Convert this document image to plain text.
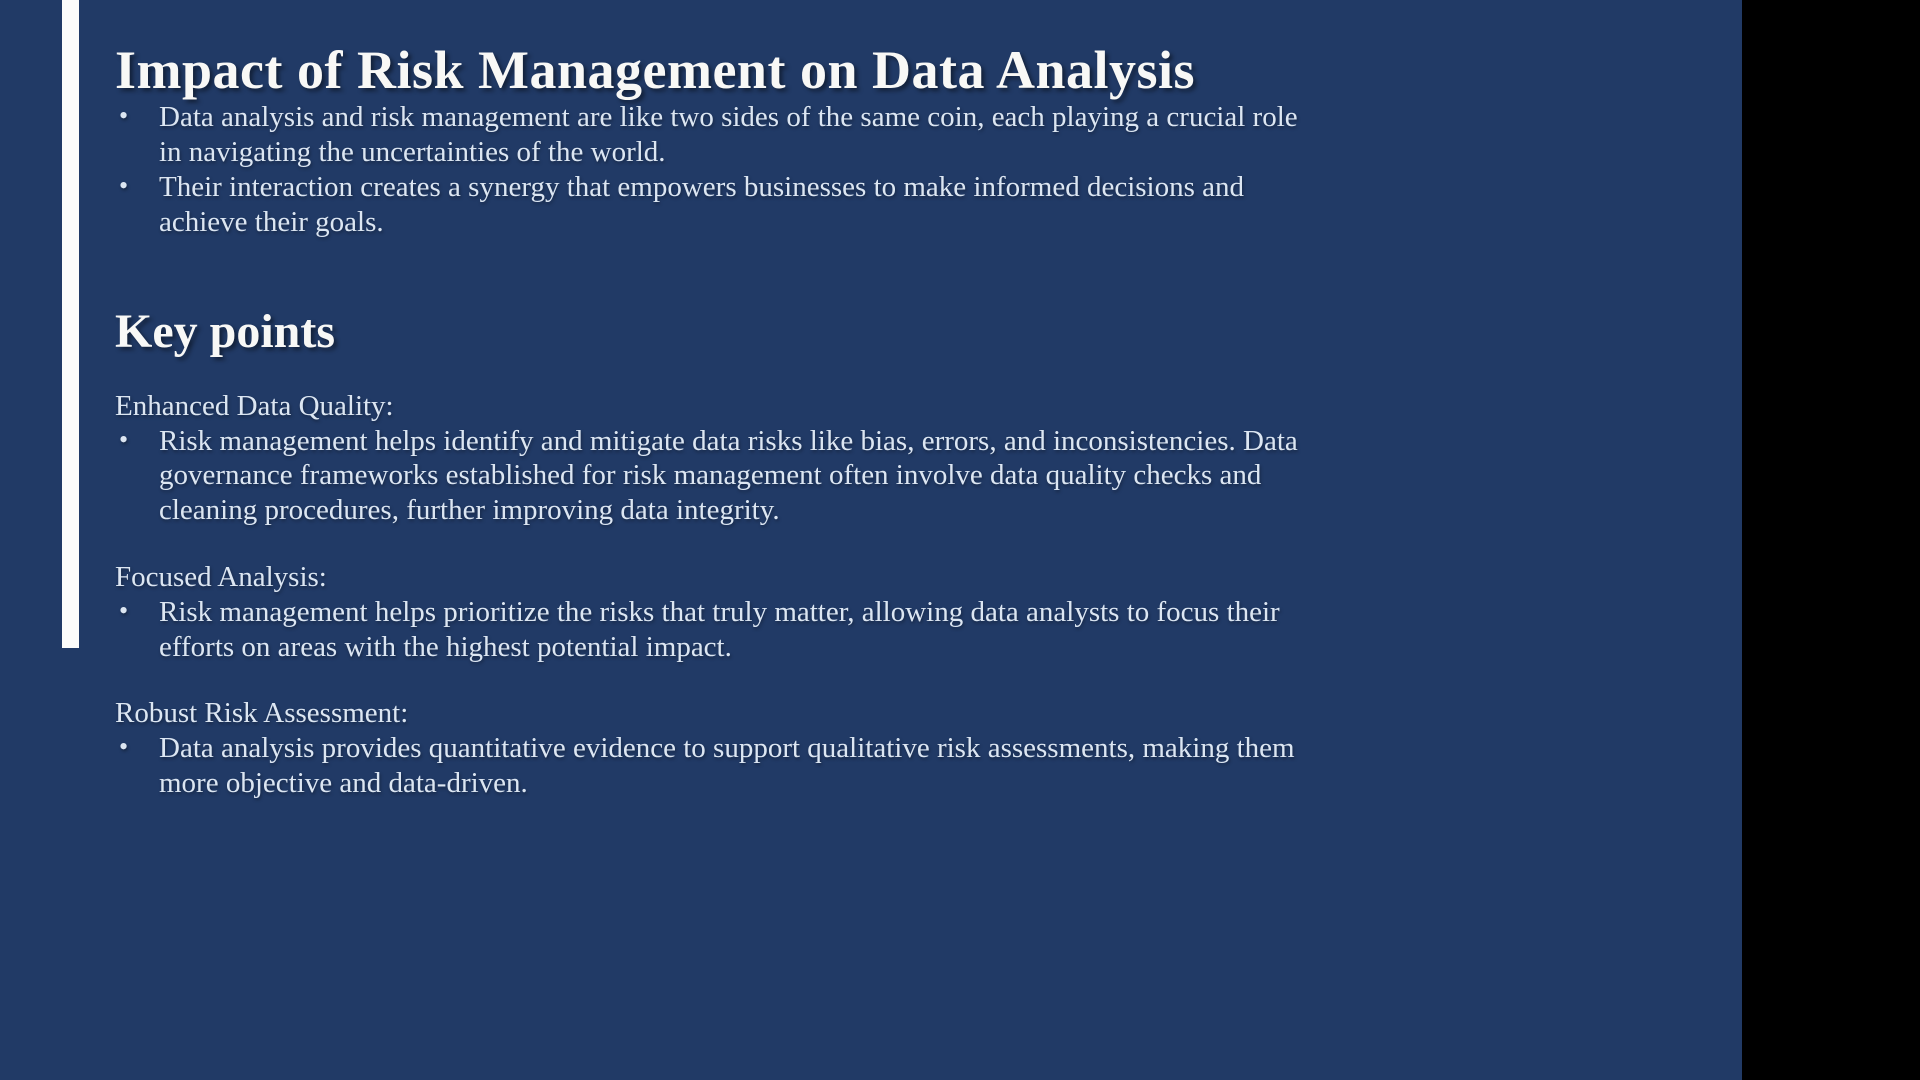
Impact of Risk Management on Data Analysis
• Data analysis and risk management are like two sides of the same coin, each playing a crucial role in navigating the uncertainties of the world.
• Their interaction creates a synergy that empowers businesses to make informed decisions and achieve their goals.
Key points
Enhanced Data Quality:
• Risk management helps identify and mitigate data risks like bias, errors, and inconsistencies. Data governance frameworks established for risk management often involve data quality checks and cleaning procedures, further improving data integrity.
Focused Analysis:
• Risk management helps prioritize the risks that truly matter, allowing data analysts to focus their efforts on areas with the highest potential impact.
Robust Risk Assessment:
• Data analysis provides quantitative evidence to support qualitative risk assessments, making them more objective and data-driven.
